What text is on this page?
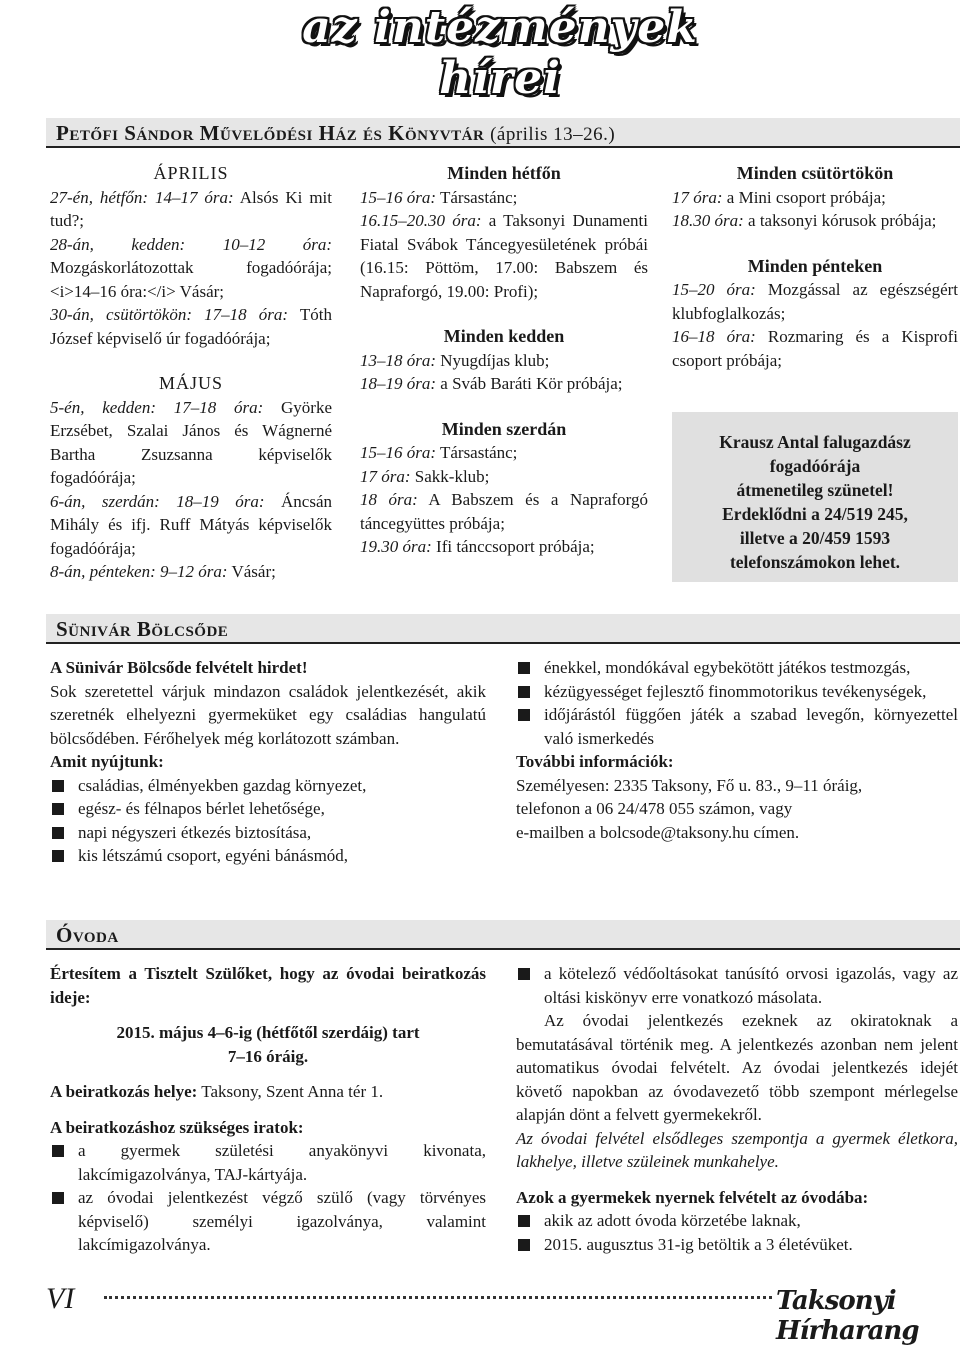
az intézmények hírei
Petőfi Sándor Művelődési Ház és Könyvtár (április 13–26.)
ÁPRILIS
27-én, hétfőn: 14–17 óra: Alsós Ki mit tud?;
28-án, kedden: 10–12 óra: Mozgáskorlátozottak fogadóórája; <i>14–16 óra:</i> Vásár;
30-án, csütörtökön: 17–18 óra: Tóth József képviselő úr fogadóórája;
MÁJUS
5-én, kedden: 17–18 óra: Györke Erzsébet, Szalai János és Wágnerné Bartha Zsuzsanna képviselők fogadóórája;
6-án, szerdán: 18–19 óra: Áncsán Mihály és ifj. Ruff Mátyás képviselők fogadóórája;
8-án, pénteken: 9–12 óra: Vásár;
Minden hétfőn
15–16 óra: Társastánc;
16.15–20.30 óra: a Taksonyi Dunamenti Fiatal Svábok Táncegyesületének próbái (16.15: Pöttöm, 17.00: Babszem és Napraforgó, 19.00: Profi);
Minden kedden
13–18 óra: Nyugdíjas klub;
18–19 óra: a Sváb Baráti Kör próbája;
Minden szerdán
15–16 óra: Társastánc;
17 óra: Sakk-klub;
18 óra: A Babszem és a Napraforgó táncegyüttes próbája;
19.30 óra: Ifi tánccsoport próbája;
Minden csütörtökön
17 óra: a Mini csoport próbája;
18.30 óra: a taksonyi kórusok próbája;
Minden pénteken
15–20 óra: Mozgással az egészségért klubfoglalkozás;
16–18 óra: Rozmaring és a Kisprofi csoport próbája;
Krausz Antal falugazdász
fogadóórája
átmenetileg szünetel!
Erdeklődni a 24/519 245,
illetve a 20/459 1593
telefonszámokon lehet.
Sünivár Bölcsőde
A Sünivár Bölcsőde felvételt hirdet!
Sok szeretettel várjuk mindazon családok jelentkezését, akik szeretnék elhelyezni gyermeküket egy családias hangulatú bölcsődében. Férőhelyek még korlátozott számban.
Amit nyújtunk:
családias, élményekben gazdag környezet,
egész- és félnapos bérlet lehetősége,
napi négyszeri étkezés biztosítása,
kis létszámú csoport, egyéni bánásmód,
énekkel, mondókával egybekötött játékos testmozgás,
kézügyességet fejlesztő finommotorikus tevékenységek,
időjárástól függően játék a szabad levegőn, környezettel való ismerkedés
További információk:
Személyesen: 2335 Taksony, Fő u. 83., 9–11 óráig,
telefonon a 06 24/478 055 számon, vagy
e-mailben a bolcsode@taksony.hu címen.
Óvoda
Értesítem a Tisztelt Szülőket, hogy az óvodai beiratkozás ideje:
2015. május 4–6-ig (hétfőtől szerdáig) tart
7–16 óráig.
A beiratkozás helye: Taksony, Szent Anna tér 1.
A beiratkozáshoz szükséges iratok:
a gyermek születési anyakönyvi kivonata, lakcímigazolványa, TAJ-kártyája.
az óvodai jelentkezést végző szülő (vagy törvényes képviselő) személyi igazolványa, valamint lakcímigazolványa.
a kötelező védőoltásokat tanúsító orvosi igazolás, vagy az oltási kiskönyv erre vonatkozó másolata.
Az óvodai jelentkezés ezeknek az okiratoknak a bemutatásával történik meg. A jelentkezés azonban nem jelent automatikus óvodai felvételt. Az óvodai jelentkezés idejét követő napokban az óvodavezető több szempont mérlegelse alapján dönt a felvett gyermekekről.
Az óvodai felvétel elsődleges szempontja a gyermek életkora, lakhelye, illetve szüleinek munkahelye.
Azok a gyermekek nyernek felvételt az óvodába:
akik az adott óvoda körzetébe laknak,
2015. augusztus 31-ig betöltik a 3 életévüket.
VI	Taksonyi Hírharang
